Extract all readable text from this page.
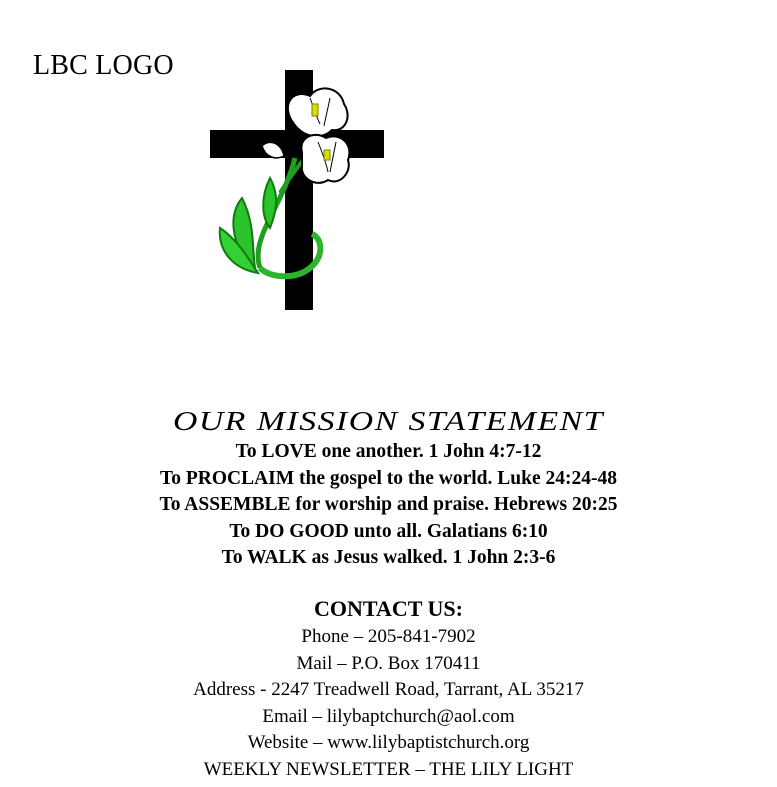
LBC LOGO
OUR MISSION STATEMENT
To LOVE one another. 1 John 4:7-12
To PROCLAIM the gospel to the world. Luke 24:24-48
To ASSEMBLE for worship and praise. Hebrews 20:25
To DO GOOD unto all. Galatians 6:10
To WALK as Jesus walked. 1 John 2:3-6
CONTACT US:
Phone – 205-841-7902
Mail – P.O. Box 170411
Address - 2247 Treadwell Road, Tarrant, AL 35217
Email – lilybaptchurch@aol.com
Website – www.lilybaptistchurch.org
WEEKLY NEWSLETTER – THE LILY LIGHT
